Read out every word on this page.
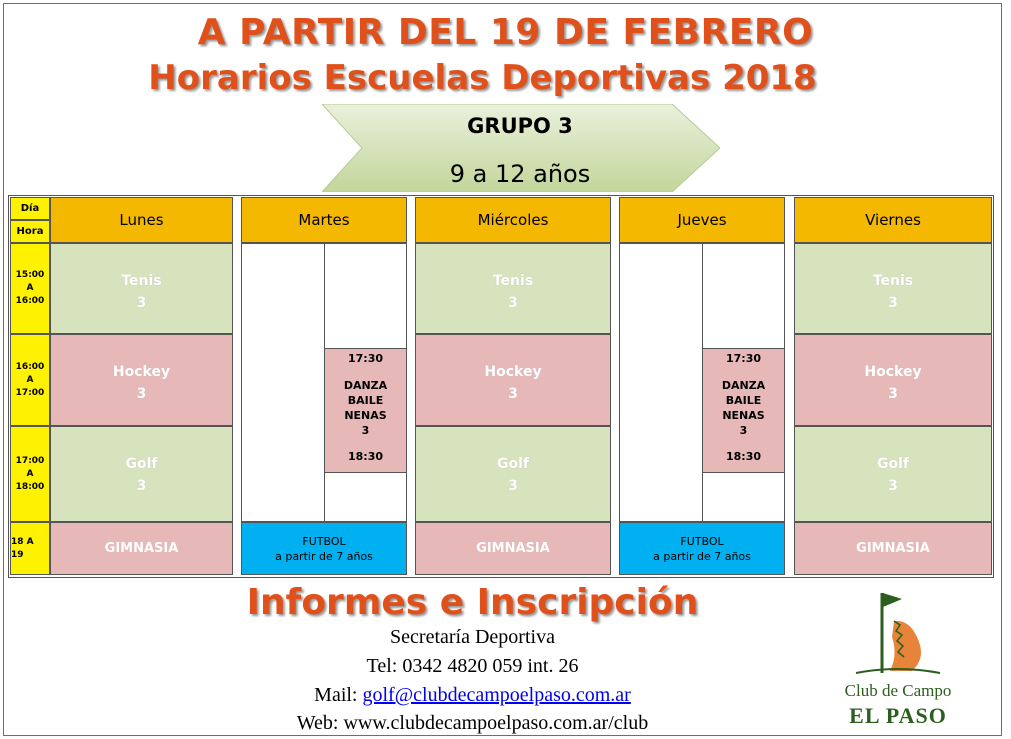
A PARTIR DEL 19 DE FEBRERO
Horarios Escuelas Deportivas 2018
GRUPO 3
9 a 12 años
Día
Hora
15:00
A
16:00
16:00
A
17:00
17:00
A
18:00
18 A 19
Lunes
Tenis
3
Hockey
3
Golf
3
GIMNASIA
Martes
17:30
DANZA
BAILE
NENAS
3
18:30
FUTBOL
a partir de 7 años
Miércoles
Tenis
3
Hockey
3
Golf
3
GIMNASIA
Jueves
17:30
DANZA
BAILE
NENAS
3
18:30
FUTBOL
a partir de 7 años
Viernes
Tenis
3
Hockey
3
Golf
3
GIMNASIA
Informes e Inscripción
Secretaría Deportiva
Tel: 0342 4820 059 int. 26
Mail: golf@clubdecampoelpaso.com.ar
Web: www.clubdecampoelpaso.com.ar/club
Club de Campo
EL PASO
